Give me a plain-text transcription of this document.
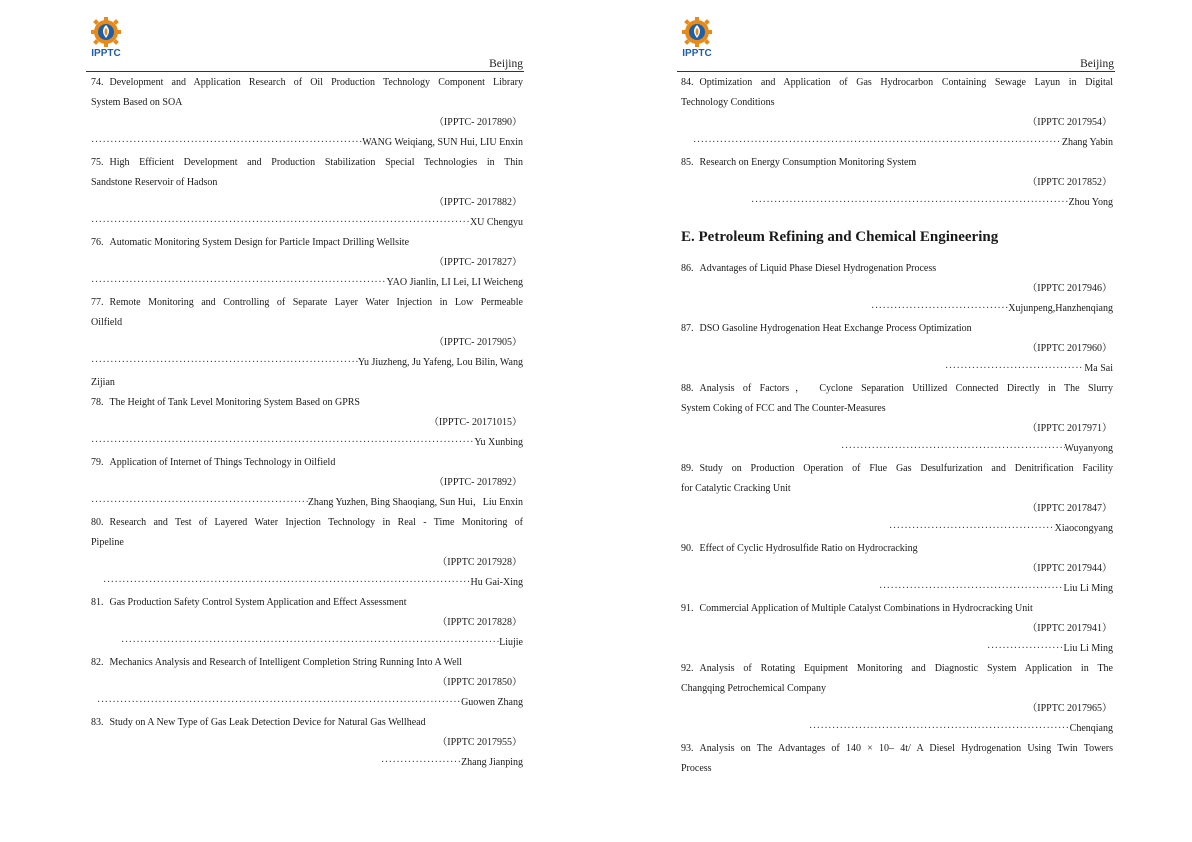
IPPTC
Beijing
74. Development and Application Research of Oil Production Technology Component Library
System Based on SOA
（IPPTC- 2017890）
·····
WANG Weiqiang, SUN Hui, LIU Enxin
75. High Efficient Development and Production Stabilization Special Technologies in Thin
Sandstone Reservoir of Hadson
（IPPTC- 2017882）
·····
XU Chengyu
76. Automatic Monitoring System Design for Particle Impact Drilling Wellsite
（IPPTC- 2017827）
·····
YAO Jianlin, LI Lei, LI Weicheng
77. Remote Monitoring and Controlling of Separate Layer Water Injection in Low Permeable
Oilfield
（IPPTC- 2017905）
·····
Yu Jiuzheng, Ju Yafeng, Lou Bilin, Wang
Zijian
78. The Height of Tank Level Monitoring System Based on GPRS
（IPPTC- 20171015）
·····
Yu Xunbing
79. Application of Internet of Things Technology in Oilfield
（IPPTC- 2017892）
·····
Zhang Yuzhen, Bing Shaoqiang, Sun Hui，Liu Enxin
80. Research and Test of Layered Water Injection Technology in Real - Time Monitoring of
Pipeline
（IPPTC 2017928）
·····
Hu Gai-Xing
81. Gas Production Safety Control System Application and Effect Assessment
（IPPTC 2017828）
·····
Liujie
82. Mechanics Analysis and Research of Intelligent Completion String Running Into A Well
（IPPTC 2017850）
·····
Guowen Zhang
83. Study on A New Type of Gas Leak Detection Device for Natural Gas Wellhead
（IPPTC 2017955）
·····
Zhang Jianping
IPPTC
Beijing
84. Optimization and Application of Gas Hydrocarbon Containing Sewage Layun in Digital
Technology Conditions
（IPPTC 2017954）
·····
Zhang Yabin
85. Research on Energy Consumption Monitoring System
（IPPTC 2017852）
·····
Zhou Yong
E. Petroleum Refining and Chemical Engineering
86. Advantages of Liquid Phase Diesel Hydrogenation Process
（IPPTC 2017946）
·····
Xujunpeng,Hanzhenqiang
87. DSO Gasoline Hydrogenation Heat Exchange Process Optimization
（IPPTC 2017960）
·····
Ma Sai
88. Analysis of Factors， Cyclone Separation Utillized Connected Directly in The Slurry
System Coking of FCC and The Counter-Measures
（IPPTC 2017971）
·····
Wuyanyong
89. Study on Production Operation of Flue Gas Desulfurization and Denitrification Facility
for Catalytic Cracking Unit
（IPPTC 2017847）
·····
Xiaocongyang
90. Effect of Cyclic Hydrosulfide Ratio on Hydrocracking
（IPPTC 2017944）
·····
Liu Li Ming
91. Commercial Application of Multiple Catalyst Combinations in Hydrocracking Unit
（IPPTC 2017941）
·····
Liu Li Ming
92. Analysis of Rotating Equipment Monitoring and Diagnostic System Application in The
Changqing Petrochemical Company
（IPPTC 2017965）
·····
Chenqiang
93. Analysis on The Advantages of 140 × 10– 4t/ A Diesel Hydrogenation Using Twin Towers
Process
